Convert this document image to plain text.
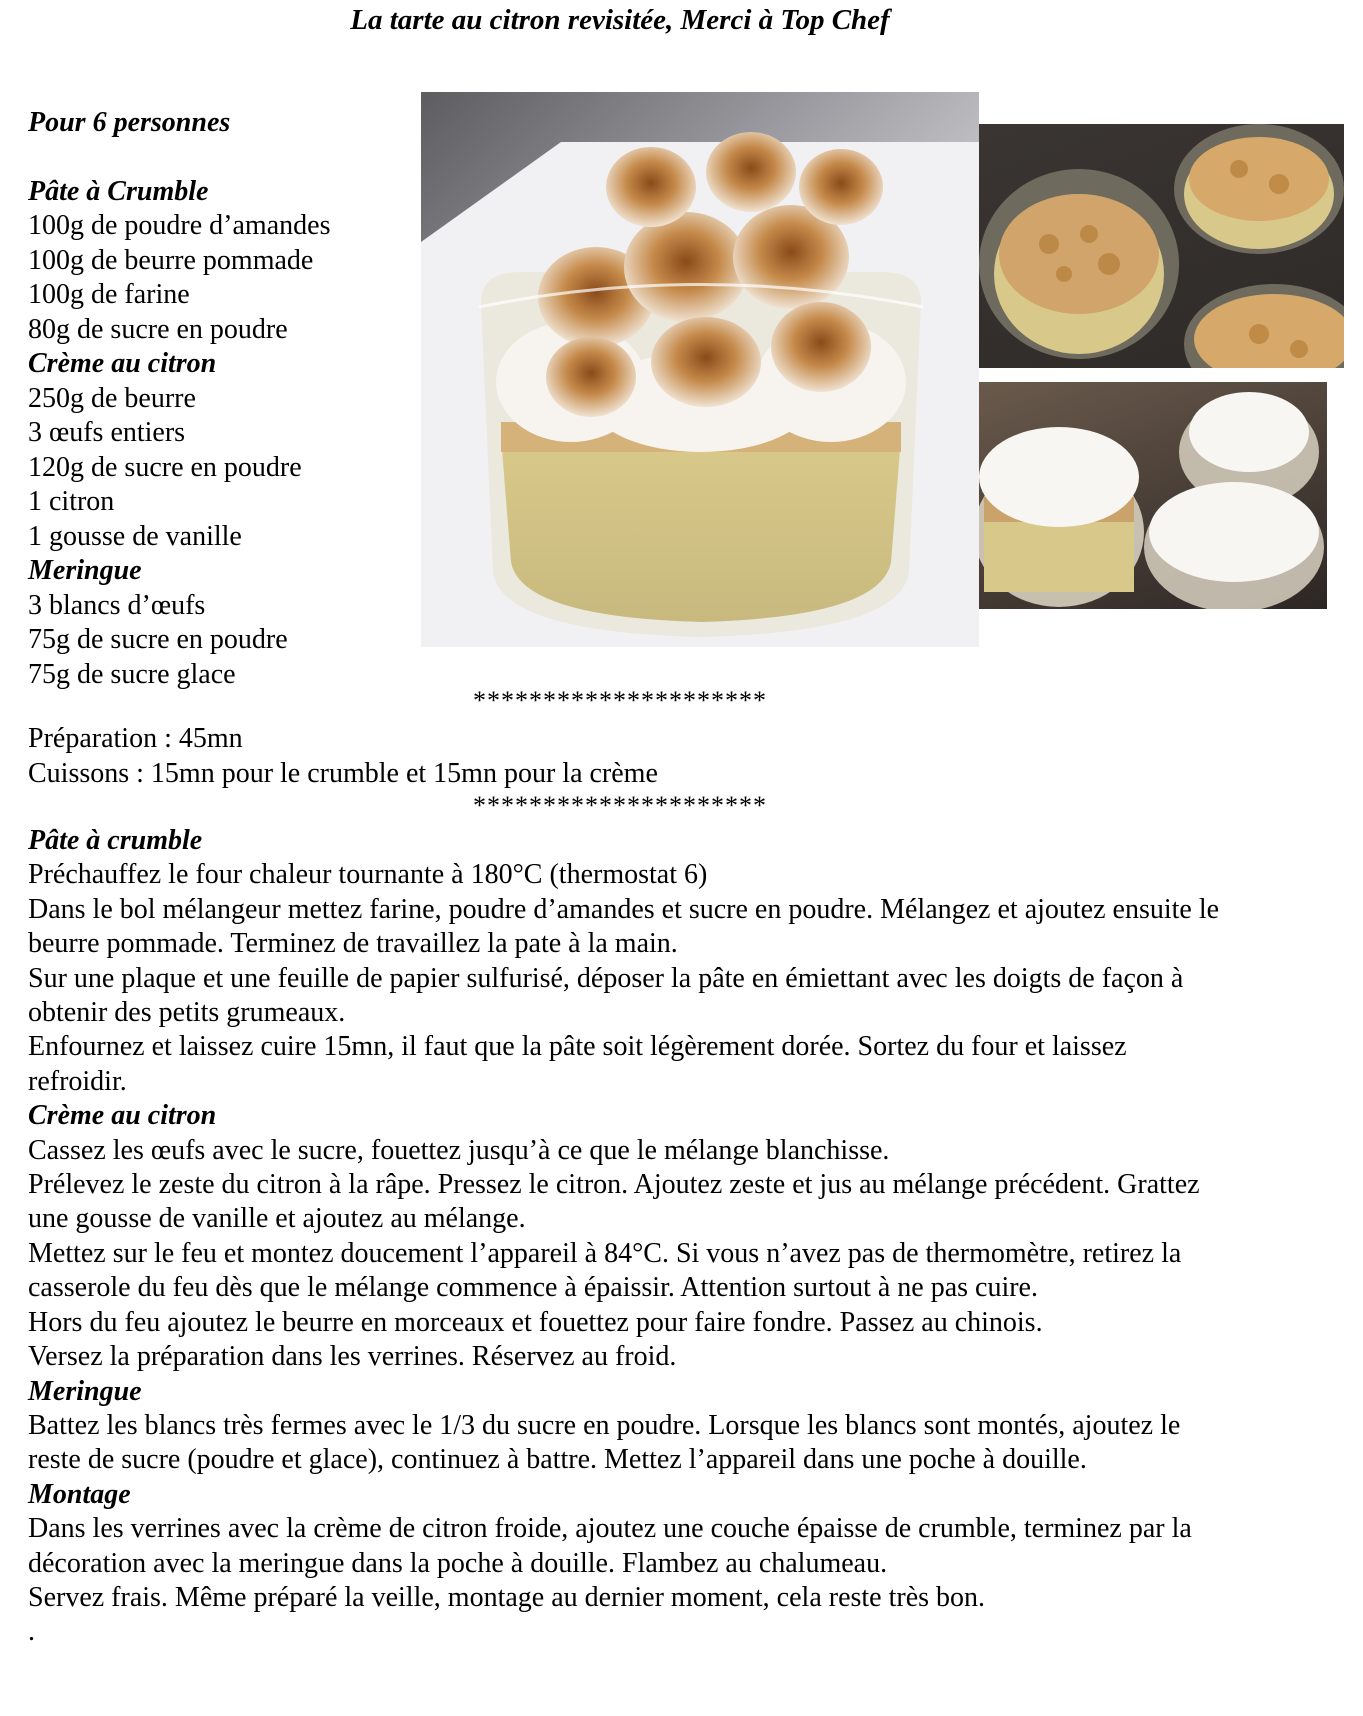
La tarte au citron revisitée, Merci à Top Chef
Pour 6 personnes
Pâte à Crumble
100g de poudre d’amandes
100g de beurre pommade
100g de farine
80g de sucre en poudre
Crème au citron
250g de beurre
3 œufs entiers
120g de sucre en poudre
1 citron
1 gousse de vanille
Meringue
3 blancs d’œufs
75g de sucre en poudre
75g de sucre glace
*********************
Préparation : 45mn
Cuissons : 15mn pour le crumble et 15mn pour la crème
*********************
Pâte à crumble

Préchauffez le four chaleur tournante à 180°C (thermostat 6)

Dans le bol mélangeur mettez farine, poudre d’amandes et sucre en poudre. Mélangez et ajoutez ensuite le beurre pommade. Terminez de travaillez la pate à la main.

Sur une plaque et une feuille de papier sulfurisé, déposer la pâte en émiettant avec les doigts de façon à obtenir des petits grumeaux.

Enfournez et laissez cuire 15mn, il faut que la pâte soit légèrement dorée. Sortez du four et laissez refroidir.

Crème au citron

Cassez les œufs avec le sucre, fouettez jusqu’à ce que le mélange blanchisse.

Prélevez le zeste du citron à la râpe. Pressez le citron. Ajoutez zeste et jus au mélange précédent. Grattez une gousse de vanille et ajoutez au mélange.

Mettez sur le feu et montez doucement l’appareil à 84°C. Si vous n’avez pas de thermomètre, retirez la casserole du feu dès que le mélange commence à épaissir. Attention surtout à ne pas cuire.

Hors du feu ajoutez le beurre en morceaux et fouettez pour faire fondre. Passez au chinois.

Versez la préparation dans les verrines. Réservez au froid.

Meringue

Battez les blancs très fermes avec le 1/3 du sucre en poudre. Lorsque les blancs sont montés, ajoutez le reste de sucre (poudre et glace), continuez à battre. Mettez l’appareil dans une poche à douille.

Montage

Dans les verrines avec la crème de citron froide, ajoutez une couche épaisse de crumble, terminez par la décoration avec la meringue dans la poche à douille. Flambez au chalumeau.

Servez frais. Même préparé la veille, montage au dernier moment, cela reste très bon.

.
